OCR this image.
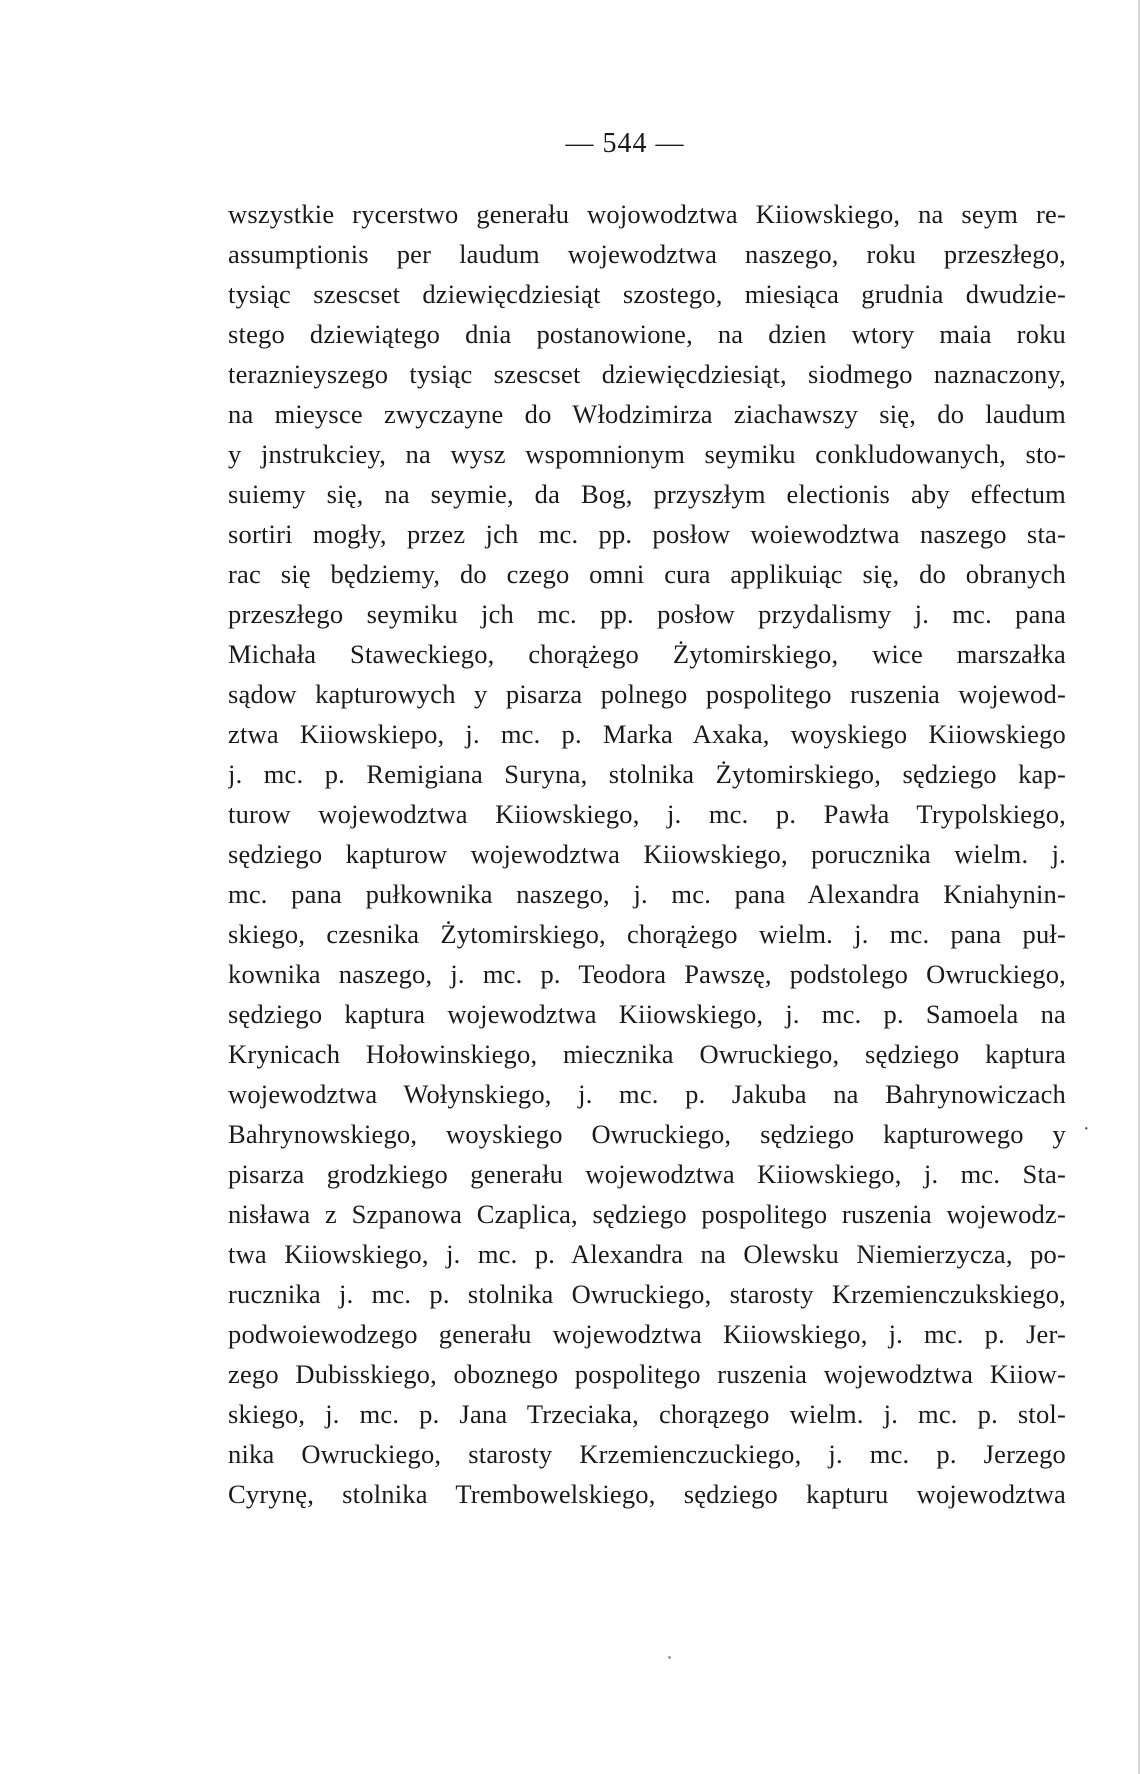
— 544 —
wszystkie rycerstwo generału wojowodztwa Kiiowskiego, na seym re-
assumptionis per laudum wojewodztwa naszego, roku przeszłego,
tysiąc szescset dziewięcdziesiąt szostego, miesiąca grudnia dwudzie-
stego dziewiątego dnia postanowione, na dzien wtory maia roku
teraznieyszego tysiąc szescset dziewięcdziesiąt, siodmego naznaczony,
na mieysce zwyczayne do Włodzimirza ziachawszy się, do laudum
y jnstrukciey, na wysz wspomnionym seymiku conkludowanych, sto-
suiemy się, na seymie, da Bog, przyszłym electionis aby effectum
sortiri mogły, przez jch mc. pp. posłow woiewodztwa naszego sta-
rac się będziemy, do czego omni cura applikuiąc się, do obranych
przeszłego seymiku jch mc. pp. posłow przydalismy j. mc. pana
Michała Staweckiego, chorążego Żytomirskiego, wice marszałka
sądow kapturowych y pisarza polnego pospolitego ruszenia wojewod-
ztwa Kiiowskiepo, j. mc. p. Marka Axaka, woyskiego Kiiowskiego
j. mc. p. Remigiana Suryna, stolnika Żytomirskiego, sędziego kap-
turow wojewodztwa Kiiowskiego, j. mc. p. Pawła Trypolskiego,
sędziego kapturow wojewodztwa Kiiowskiego, porucznika wielm. j.
mc. pana pułkownika naszego, j. mc. pana Alexandra Kniahynin-
skiego, czesnika Żytomirskiego, chorążego wielm. j. mc. pana puł-
kownika naszego, j. mc. p. Teodora Pawszę, podstolego Owruckiego,
sędziego kaptura wojewodztwa Kiiowskiego, j. mc. p. Samoela na
Krynicach Hołowinskiego, miecznika Owruckiego, sędziego kaptura
wojewodztwa Wołynskiego, j. mc. p. Jakuba na Bahrynowiczach
Bahrynowskiego, woyskiego Owruckiego, sędziego kapturowego y
pisarza grodzkiego generału wojewodztwa Kiiowskiego, j. mc. Sta-
nisława z Szpanowa Czaplica, sędziego pospolitego ruszenia wojewodz-
twa Kiiowskiego, j. mc. p. Alexandra na Olewsku Niemierzycza, po-
rucznika j. mc. p. stolnika Owruckiego, starosty Krzemienczukskiego,
podwoiewodzego generału wojewodztwa Kiiowskiego, j. mc. p. Jer-
zego Dubisskiego, oboznego pospolitego ruszenia wojewodztwa Kiiow-
skiego, j. mc. p. Jana Trzeciaka, chorązego wielm. j. mc. p. stol-
nika Owruckiego, starosty Krzemienczuckiego, j. mc. p. Jerzego
Cyrynę, stolnika Trembowelskiego, sędziego kapturu wojewodztwa
·
